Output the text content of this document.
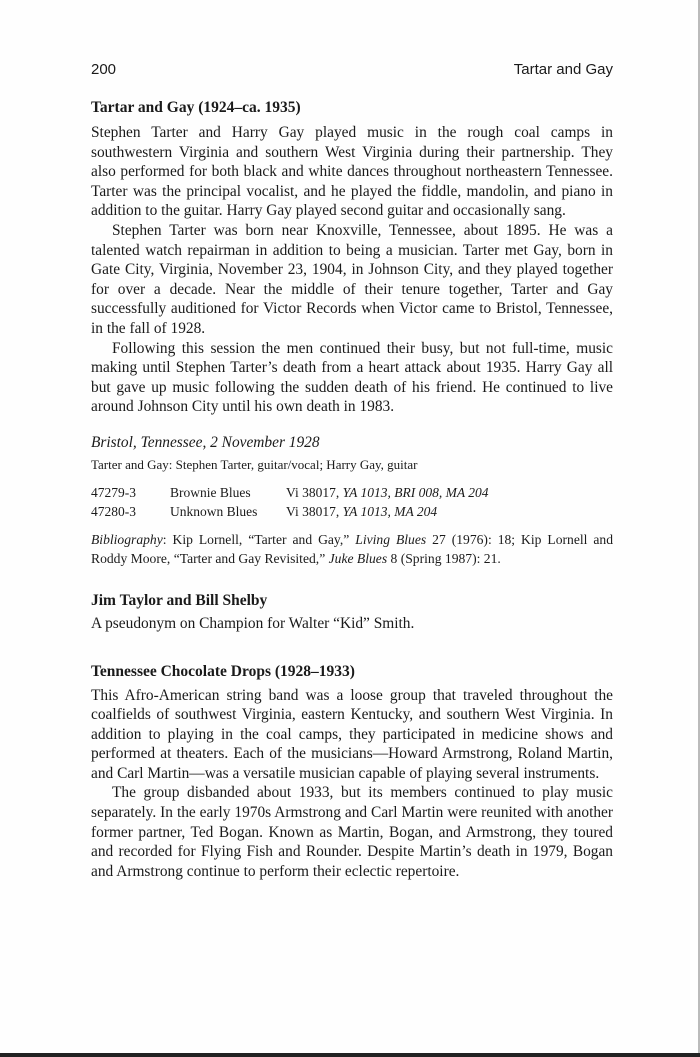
200	Tartar and Gay
Tartar and Gay (1924–ca. 1935)

Stephen Tarter and Harry Gay played music in the rough coal camps in southwestern Virginia and southern West Virginia during their partnership. They also performed for both black and white dances throughout northeastern Tennessee. Tarter was the principal vocalist, and he played the fiddle, mandolin, and piano in addition to the guitar. Harry Gay played second guitar and occasionally sang.

Stephen Tarter was born near Knoxville, Tennessee, about 1895. He was a talented watch repairman in addition to being a musician. Tarter met Gay, born in Gate City, Virginia, November 23, 1904, in Johnson City, and they played together for over a decade. Near the middle of their tenure together, Tarter and Gay successfully auditioned for Victor Records when Victor came to Bristol, Tennessee, in the fall of 1928.

Following this session the men continued their busy, but not full-time, music making until Stephen Tarter’s death from a heart attack about 1935. Harry Gay all but gave up music following the sudden death of his friend. He continued to live around Johnson City until his own death in 1983.

Bristol, Tennessee, 2 November 1928
Tarter and Gay: Stephen Tarter, guitar/vocal; Harry Gay, guitar
47279-3	Brownie Blues	Vi 38017, YA 1013, BRI 008, MA 204
47280-3	Unknown Blues	Vi 38017, YA 1013, MA 204
Bibliography: Kip Lornell, “Tarter and Gay,” Living Blues 27 (1976): 18; Kip Lornell and Roddy Moore, “Tarter and Gay Revisited,” Juke Blues 8 (Spring 1987): 21.
Jim Taylor and Bill Shelby

A pseudonym on Champion for Walter “Kid” Smith.

Tennessee Chocolate Drops (1928–1933)

This Afro-American string band was a loose group that traveled throughout the coalfields of southwest Virginia, eastern Kentucky, and southern West Virginia. In addition to playing in the coal camps, they participated in medicine shows and performed at theaters. Each of the musicians—Howard Armstrong, Roland Martin, and Carl Martin—was a versatile musician capable of playing several instruments.

The group disbanded about 1933, but its members continued to play music separately. In the early 1970s Armstrong and Carl Martin were reunited with another former partner, Ted Bogan. Known as Martin, Bogan, and Armstrong, they toured and recorded for Flying Fish and Rounder. Despite Martin’s death in 1979, Bogan and Armstrong continue to perform their eclectic repertoire.
